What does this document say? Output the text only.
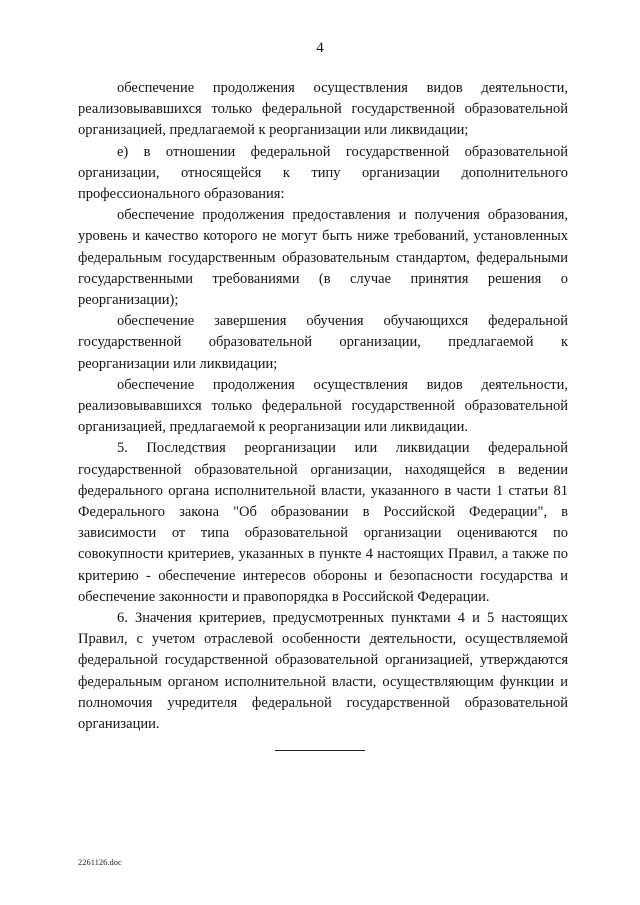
4

обеспечение продолжения осуществления видов деятельности, реализовывавшихся только федеральной государственной образовательной организацией, предлагаемой к реорганизации или ликвидации;

е) в отношении федеральной государственной образовательной организации, относящейся к типу организации дополнительного профессионального образования:

обеспечение продолжения предоставления и получения образования, уровень и качество которого не могут быть ниже требований, установленных федеральным государственным образовательным стандартом, федеральными государственными требованиями (в случае принятия решения о реорганизации);

обеспечение завершения обучения обучающихся федеральной государственной образовательной организации, предлагаемой к реорганизации или ликвидации;

обеспечение продолжения осуществления видов деятельности, реализовывавшихся только федеральной государственной образовательной организацией, предлагаемой к реорганизации или ликвидации.

5. Последствия реорганизации или ликвидации федеральной государственной образовательной организации, находящейся в ведении федерального органа исполнительной власти, указанного в части 1 статьи 81 Федерального закона "Об образовании в Российской Федерации", в зависимости от типа образовательной организации оцениваются по совокупности критериев, указанных в пункте 4 настоящих Правил, а также по критерию - обеспечение интересов обороны и безопасности государства и обеспечение законности и правопорядка в Российской Федерации.

6. Значения критериев, предусмотренных пунктами 4 и 5 настоящих Правил, с учетом отраслевой особенности деятельности, осуществляемой федеральной государственной образовательной организацией, утверждаются федеральным органом исполнительной власти, осуществляющим функции и полномочия учредителя федеральной государственной образовательной организации.

2261126.doc
